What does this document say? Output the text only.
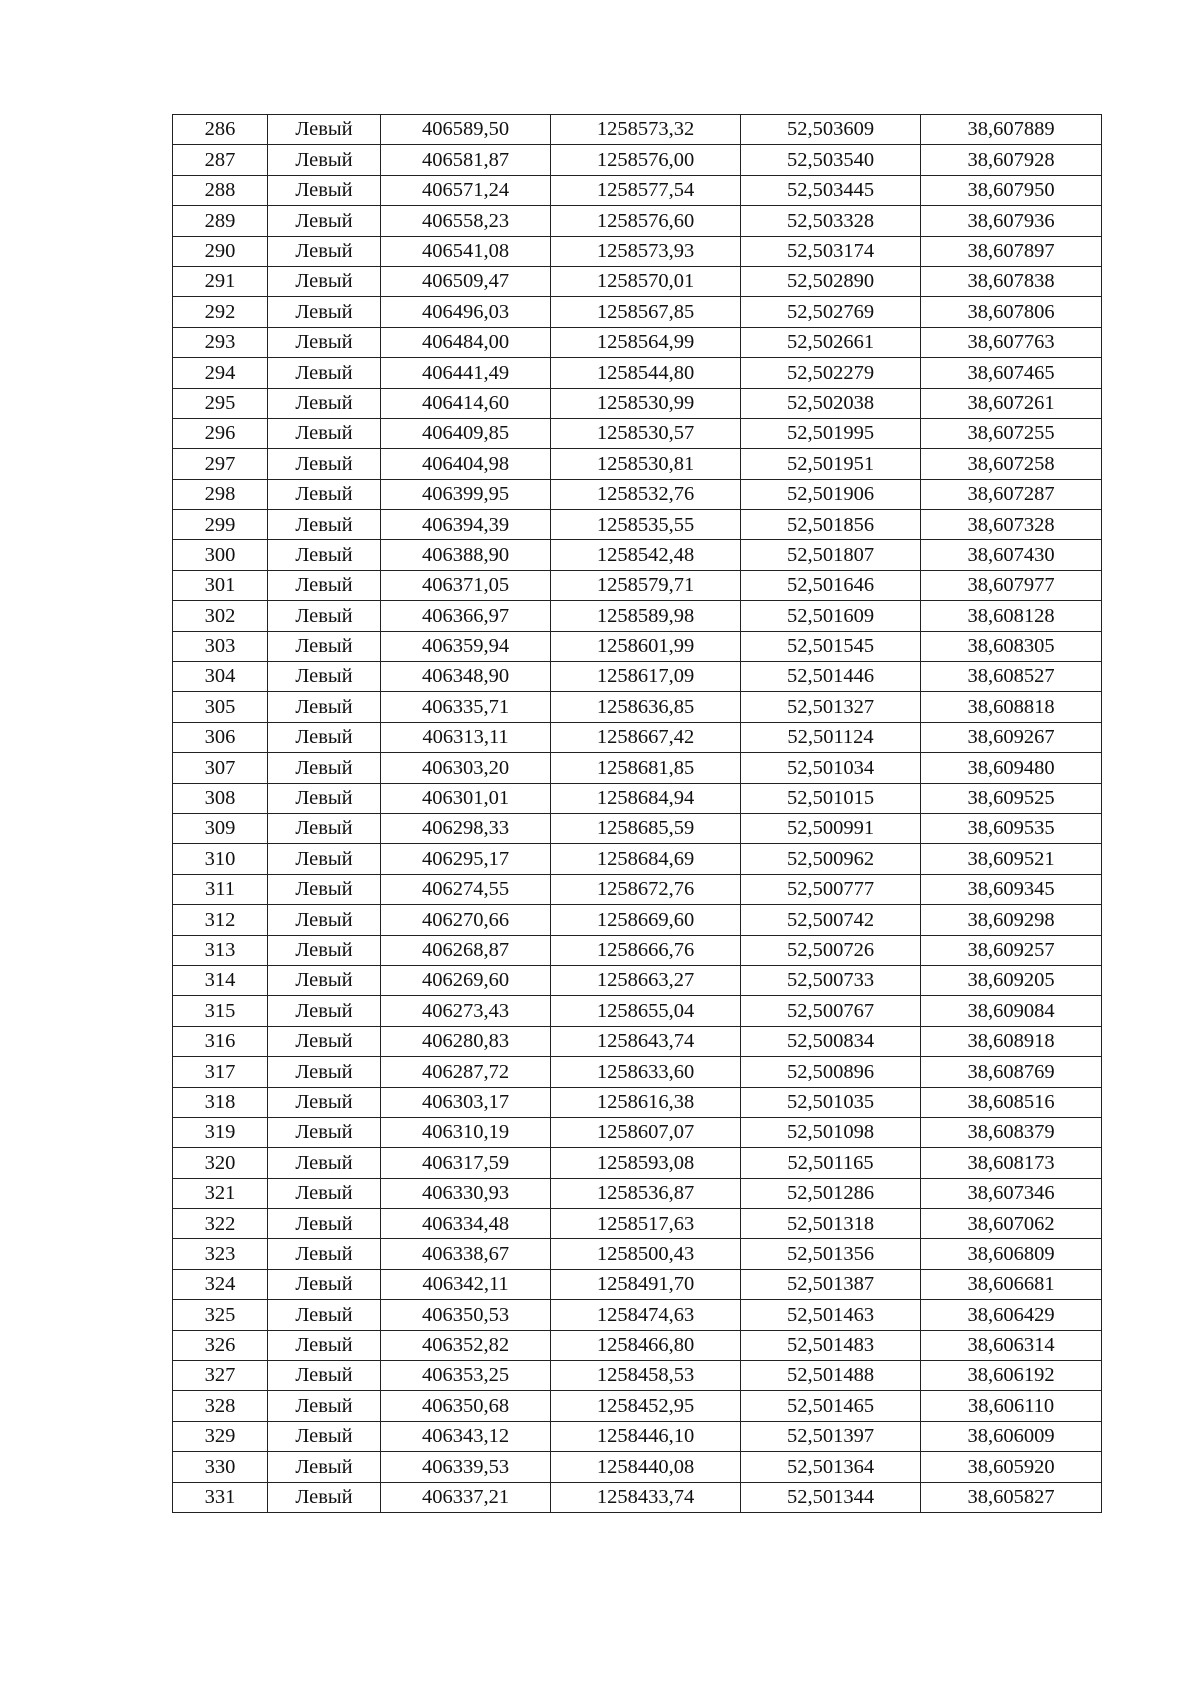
286	Левый	406589,50	1258573,32	52,503609	38,607889
287	Левый	406581,87	1258576,00	52,503540	38,607928
288	Левый	406571,24	1258577,54	52,503445	38,607950
289	Левый	406558,23	1258576,60	52,503328	38,607936
290	Левый	406541,08	1258573,93	52,503174	38,607897
291	Левый	406509,47	1258570,01	52,502890	38,607838
292	Левый	406496,03	1258567,85	52,502769	38,607806
293	Левый	406484,00	1258564,99	52,502661	38,607763
294	Левый	406441,49	1258544,80	52,502279	38,607465
295	Левый	406414,60	1258530,99	52,502038	38,607261
296	Левый	406409,85	1258530,57	52,501995	38,607255
297	Левый	406404,98	1258530,81	52,501951	38,607258
298	Левый	406399,95	1258532,76	52,501906	38,607287
299	Левый	406394,39	1258535,55	52,501856	38,607328
300	Левый	406388,90	1258542,48	52,501807	38,607430
301	Левый	406371,05	1258579,71	52,501646	38,607977
302	Левый	406366,97	1258589,98	52,501609	38,608128
303	Левый	406359,94	1258601,99	52,501545	38,608305
304	Левый	406348,90	1258617,09	52,501446	38,608527
305	Левый	406335,71	1258636,85	52,501327	38,608818
306	Левый	406313,11	1258667,42	52,501124	38,609267
307	Левый	406303,20	1258681,85	52,501034	38,609480
308	Левый	406301,01	1258684,94	52,501015	38,609525
309	Левый	406298,33	1258685,59	52,500991	38,609535
310	Левый	406295,17	1258684,69	52,500962	38,609521
311	Левый	406274,55	1258672,76	52,500777	38,609345
312	Левый	406270,66	1258669,60	52,500742	38,609298
313	Левый	406268,87	1258666,76	52,500726	38,609257
314	Левый	406269,60	1258663,27	52,500733	38,609205
315	Левый	406273,43	1258655,04	52,500767	38,609084
316	Левый	406280,83	1258643,74	52,500834	38,608918
317	Левый	406287,72	1258633,60	52,500896	38,608769
318	Левый	406303,17	1258616,38	52,501035	38,608516
319	Левый	406310,19	1258607,07	52,501098	38,608379
320	Левый	406317,59	1258593,08	52,501165	38,608173
321	Левый	406330,93	1258536,87	52,501286	38,607346
322	Левый	406334,48	1258517,63	52,501318	38,607062
323	Левый	406338,67	1258500,43	52,501356	38,606809
324	Левый	406342,11	1258491,70	52,501387	38,606681
325	Левый	406350,53	1258474,63	52,501463	38,606429
326	Левый	406352,82	1258466,80	52,501483	38,606314
327	Левый	406353,25	1258458,53	52,501488	38,606192
328	Левый	406350,68	1258452,95	52,501465	38,606110
329	Левый	406343,12	1258446,10	52,501397	38,606009
330	Левый	406339,53	1258440,08	52,501364	38,605920
331	Левый	406337,21	1258433,74	52,501344	38,605827
